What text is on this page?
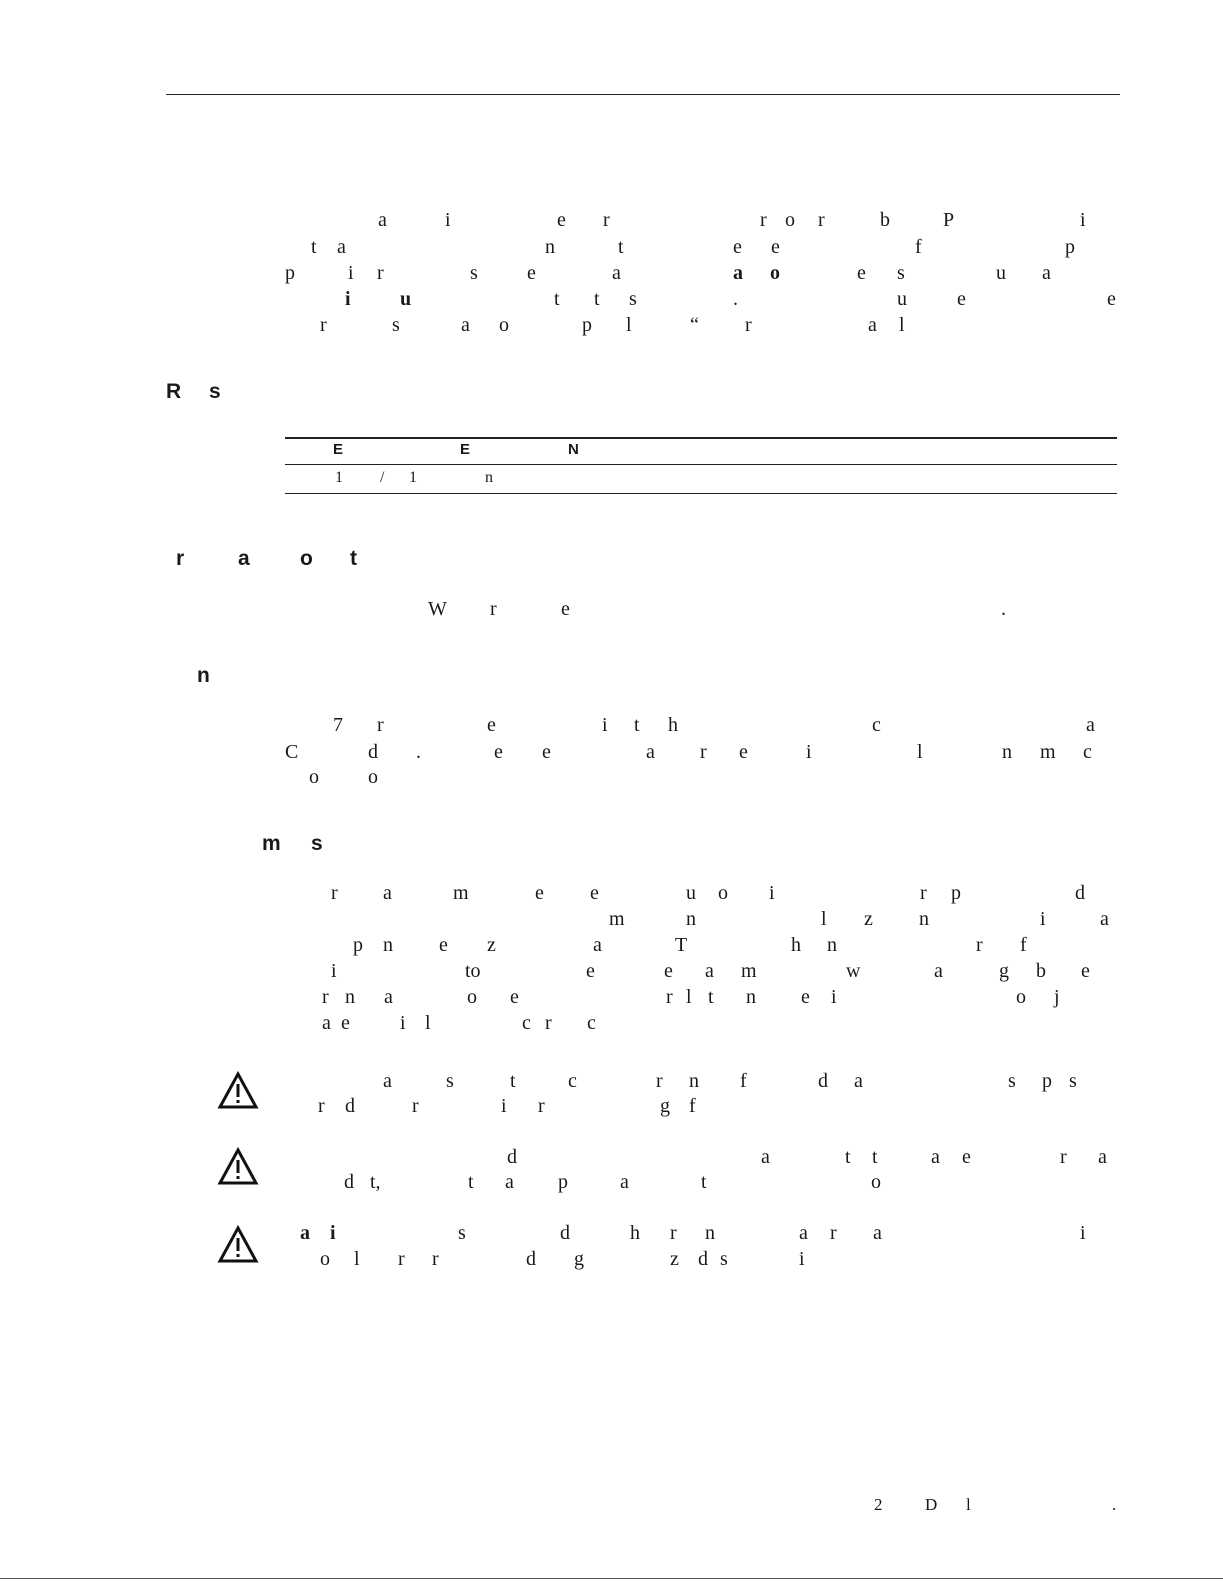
a	i	e r	r o r	b	P	i
t a	n	t	e e	f	p
p	i r	s e	a	a o	e s	u a
i u	t t s	.	u	e	e
r	s	a o	p l	“ r	a l
R s
E	E	N
1 / 1	n
r	a o t
W r	e	.
n
7 r	e	i t h	c	a
C	d .	e e	a r e	i	l	n m c
o o
m s
r a	m	e e	u o i	r p	d
m	n	l z n	i	a
p n e z	a	T	h n	r f
i	to	e	e a m	w	a	g b e
r n a	o e	r l t n e i	o j
a e	i l	c r c
a	s	t	c	r n f	d a	s p s
r d	r	i r	g f
d	a	t t	a e	r a
d t,	t a p	a	t	o
a i	s	d	h r n	a r a	i
o l r r	d g	z d s	i
2	D l	.
